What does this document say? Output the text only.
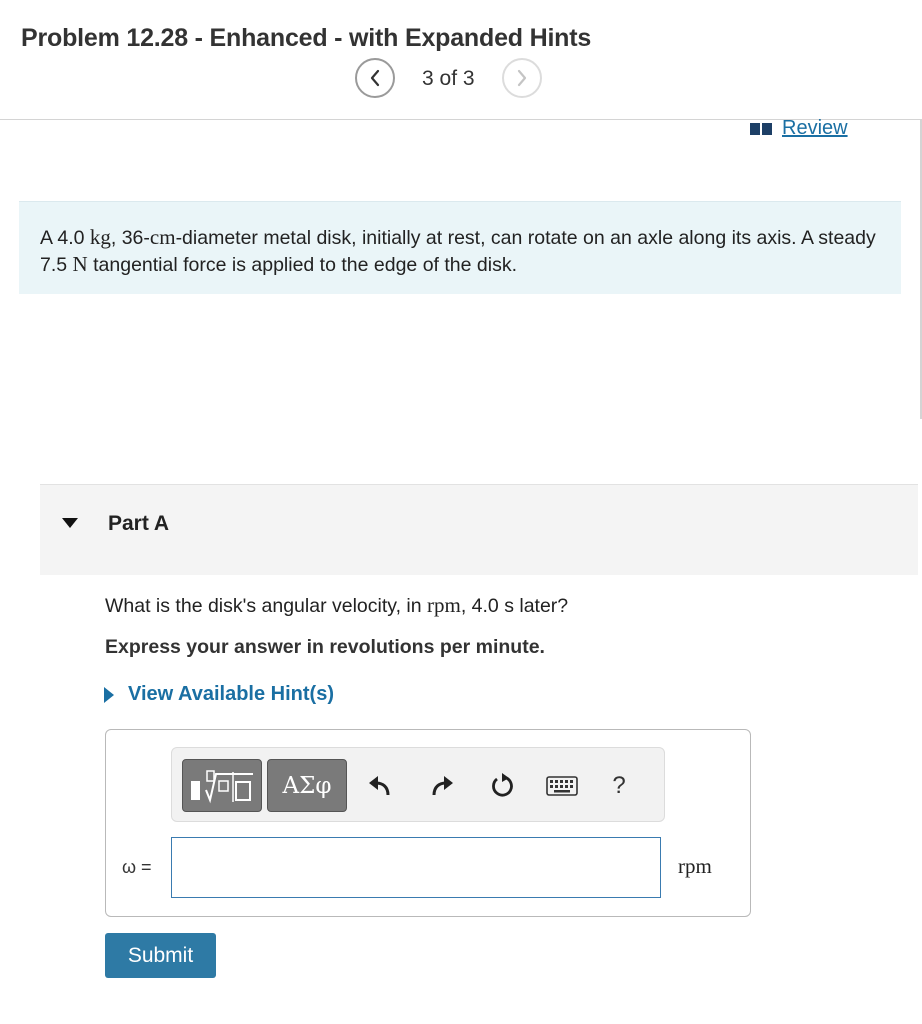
Problem 12.28 - Enhanced - with Expanded Hints
3 of 3
Review
A 4.0 kg, 36-cm-diameter metal disk, initially at rest, can rotate on an axle along its axis. A steady 7.5 N tangential force is applied to the edge of the disk.
Part A
What is the disk's angular velocity, in rpm, 4.0 s later?
Express your answer in revolutions per minute.
View Available Hint(s)
ΑΣφ	?
ω =	rpm
Submit
